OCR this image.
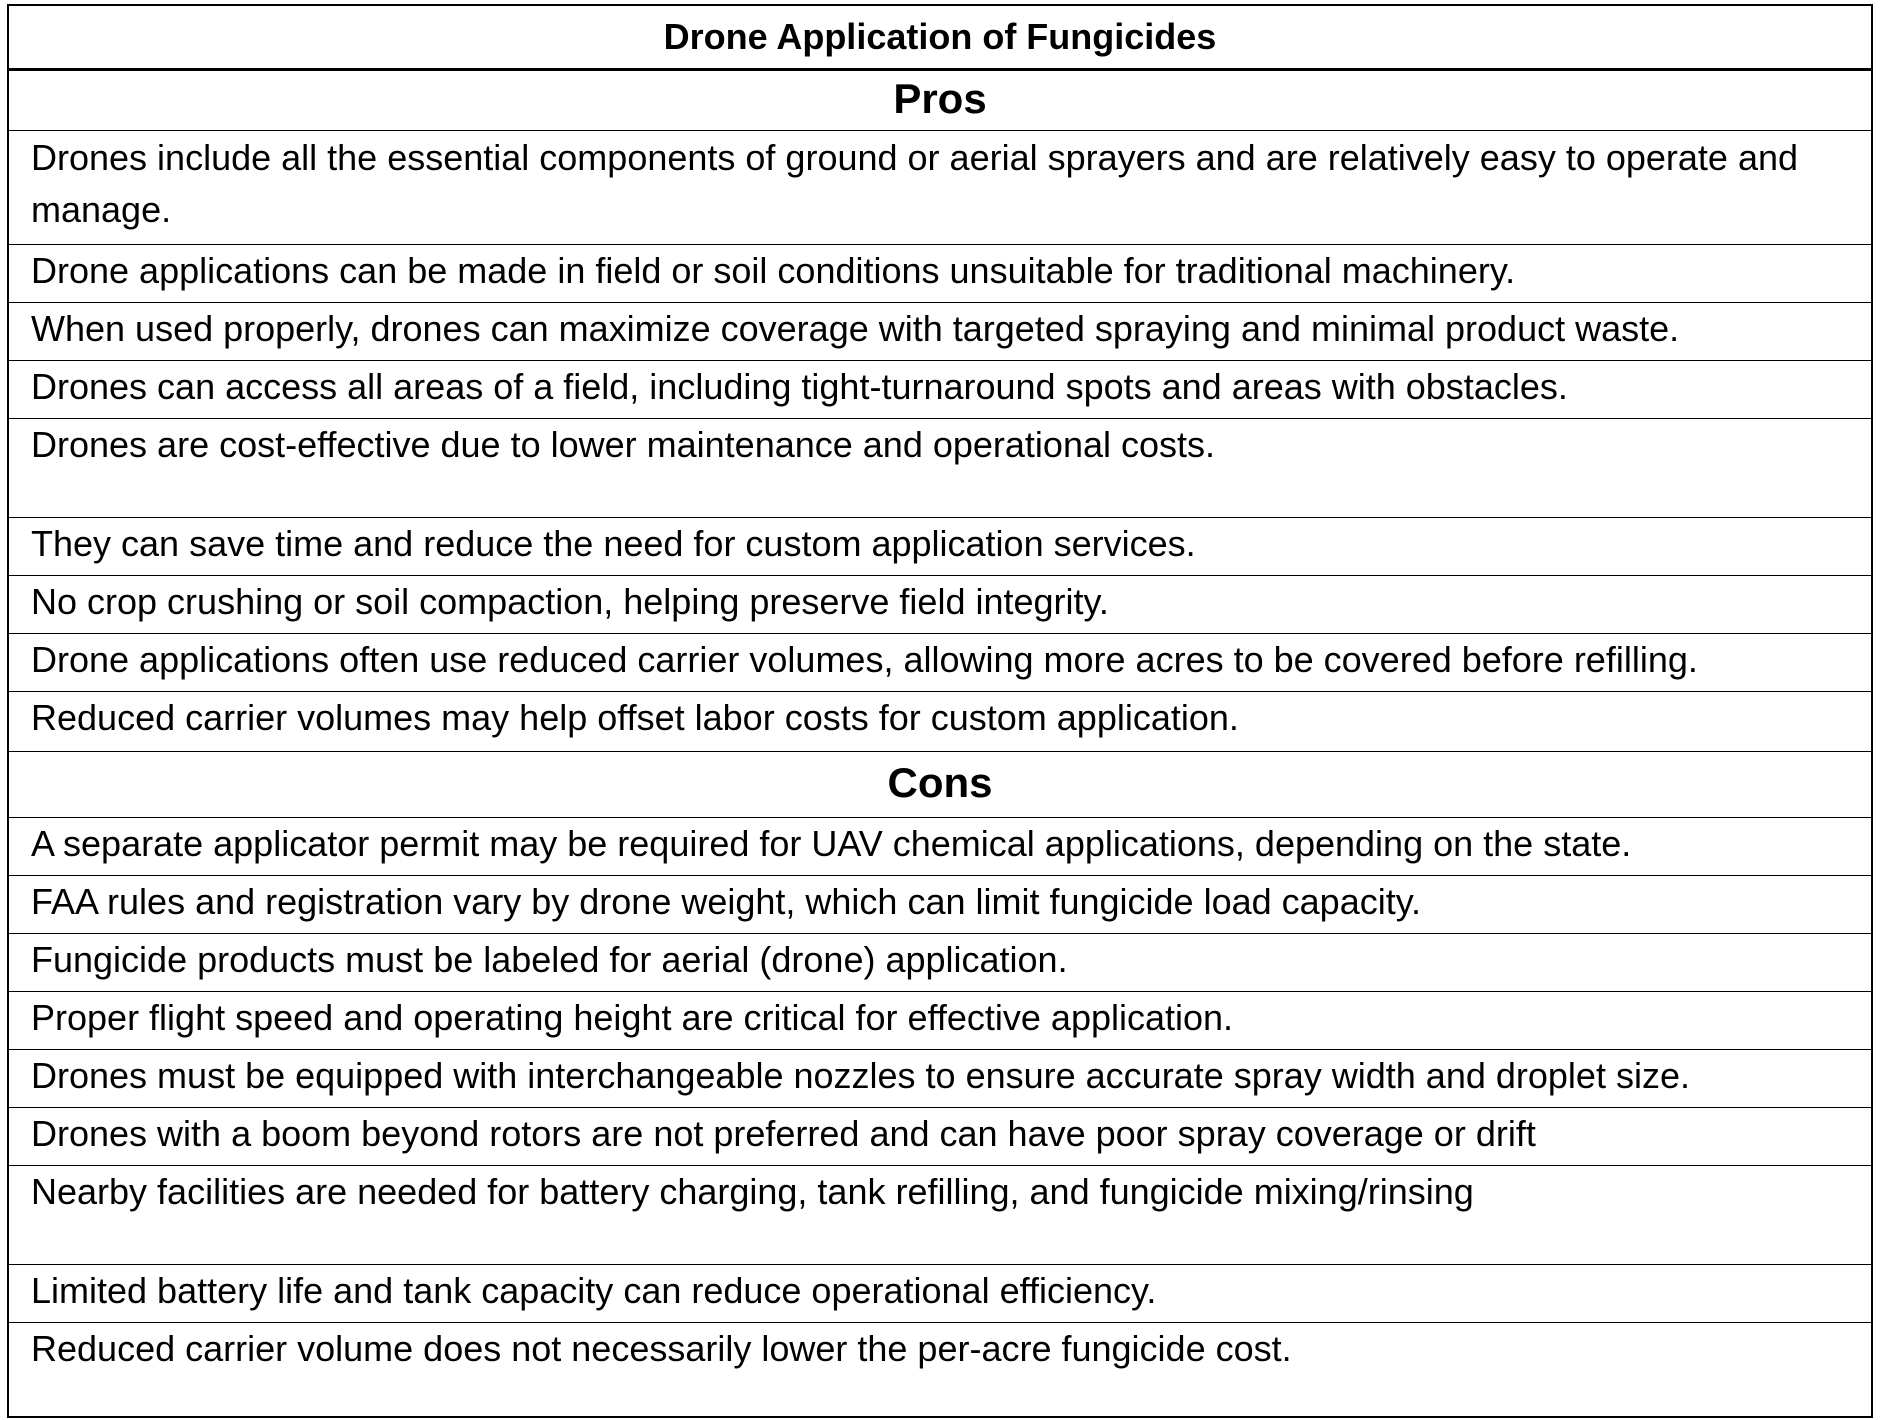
Drone Application of Fungicides
Pros
Drones include all the essential components of ground or aerial sprayers and are relatively easy to operate and manage.
Drone applications can be made in field or soil conditions unsuitable for traditional machinery.
When used properly, drones can maximize coverage with targeted spraying and minimal product waste.
Drones can access all areas of a field, including tight-turnaround spots and areas with obstacles.
Drones are cost-effective due to lower maintenance and operational costs.
They can save time and reduce the need for custom application services.
No crop crushing or soil compaction, helping preserve field integrity.
Drone applications often use reduced carrier volumes, allowing more acres to be covered before refilling.
Reduced carrier volumes may help offset labor costs for custom application.
Cons
A separate applicator permit may be required for UAV chemical applications, depending on the state.
FAA rules and registration vary by drone weight, which can limit fungicide load capacity.
Fungicide products must be labeled for aerial (drone) application.
Proper flight speed and operating height are critical for effective application.
Drones must be equipped with interchangeable nozzles to ensure accurate spray width and droplet size.
Drones with a boom beyond rotors are not preferred and can have poor spray coverage or drift
Nearby facilities are needed for battery charging, tank refilling, and fungicide mixing/rinsing
Limited battery life and tank capacity can reduce operational efficiency.
Reduced carrier volume does not necessarily lower the per-acre fungicide cost.
